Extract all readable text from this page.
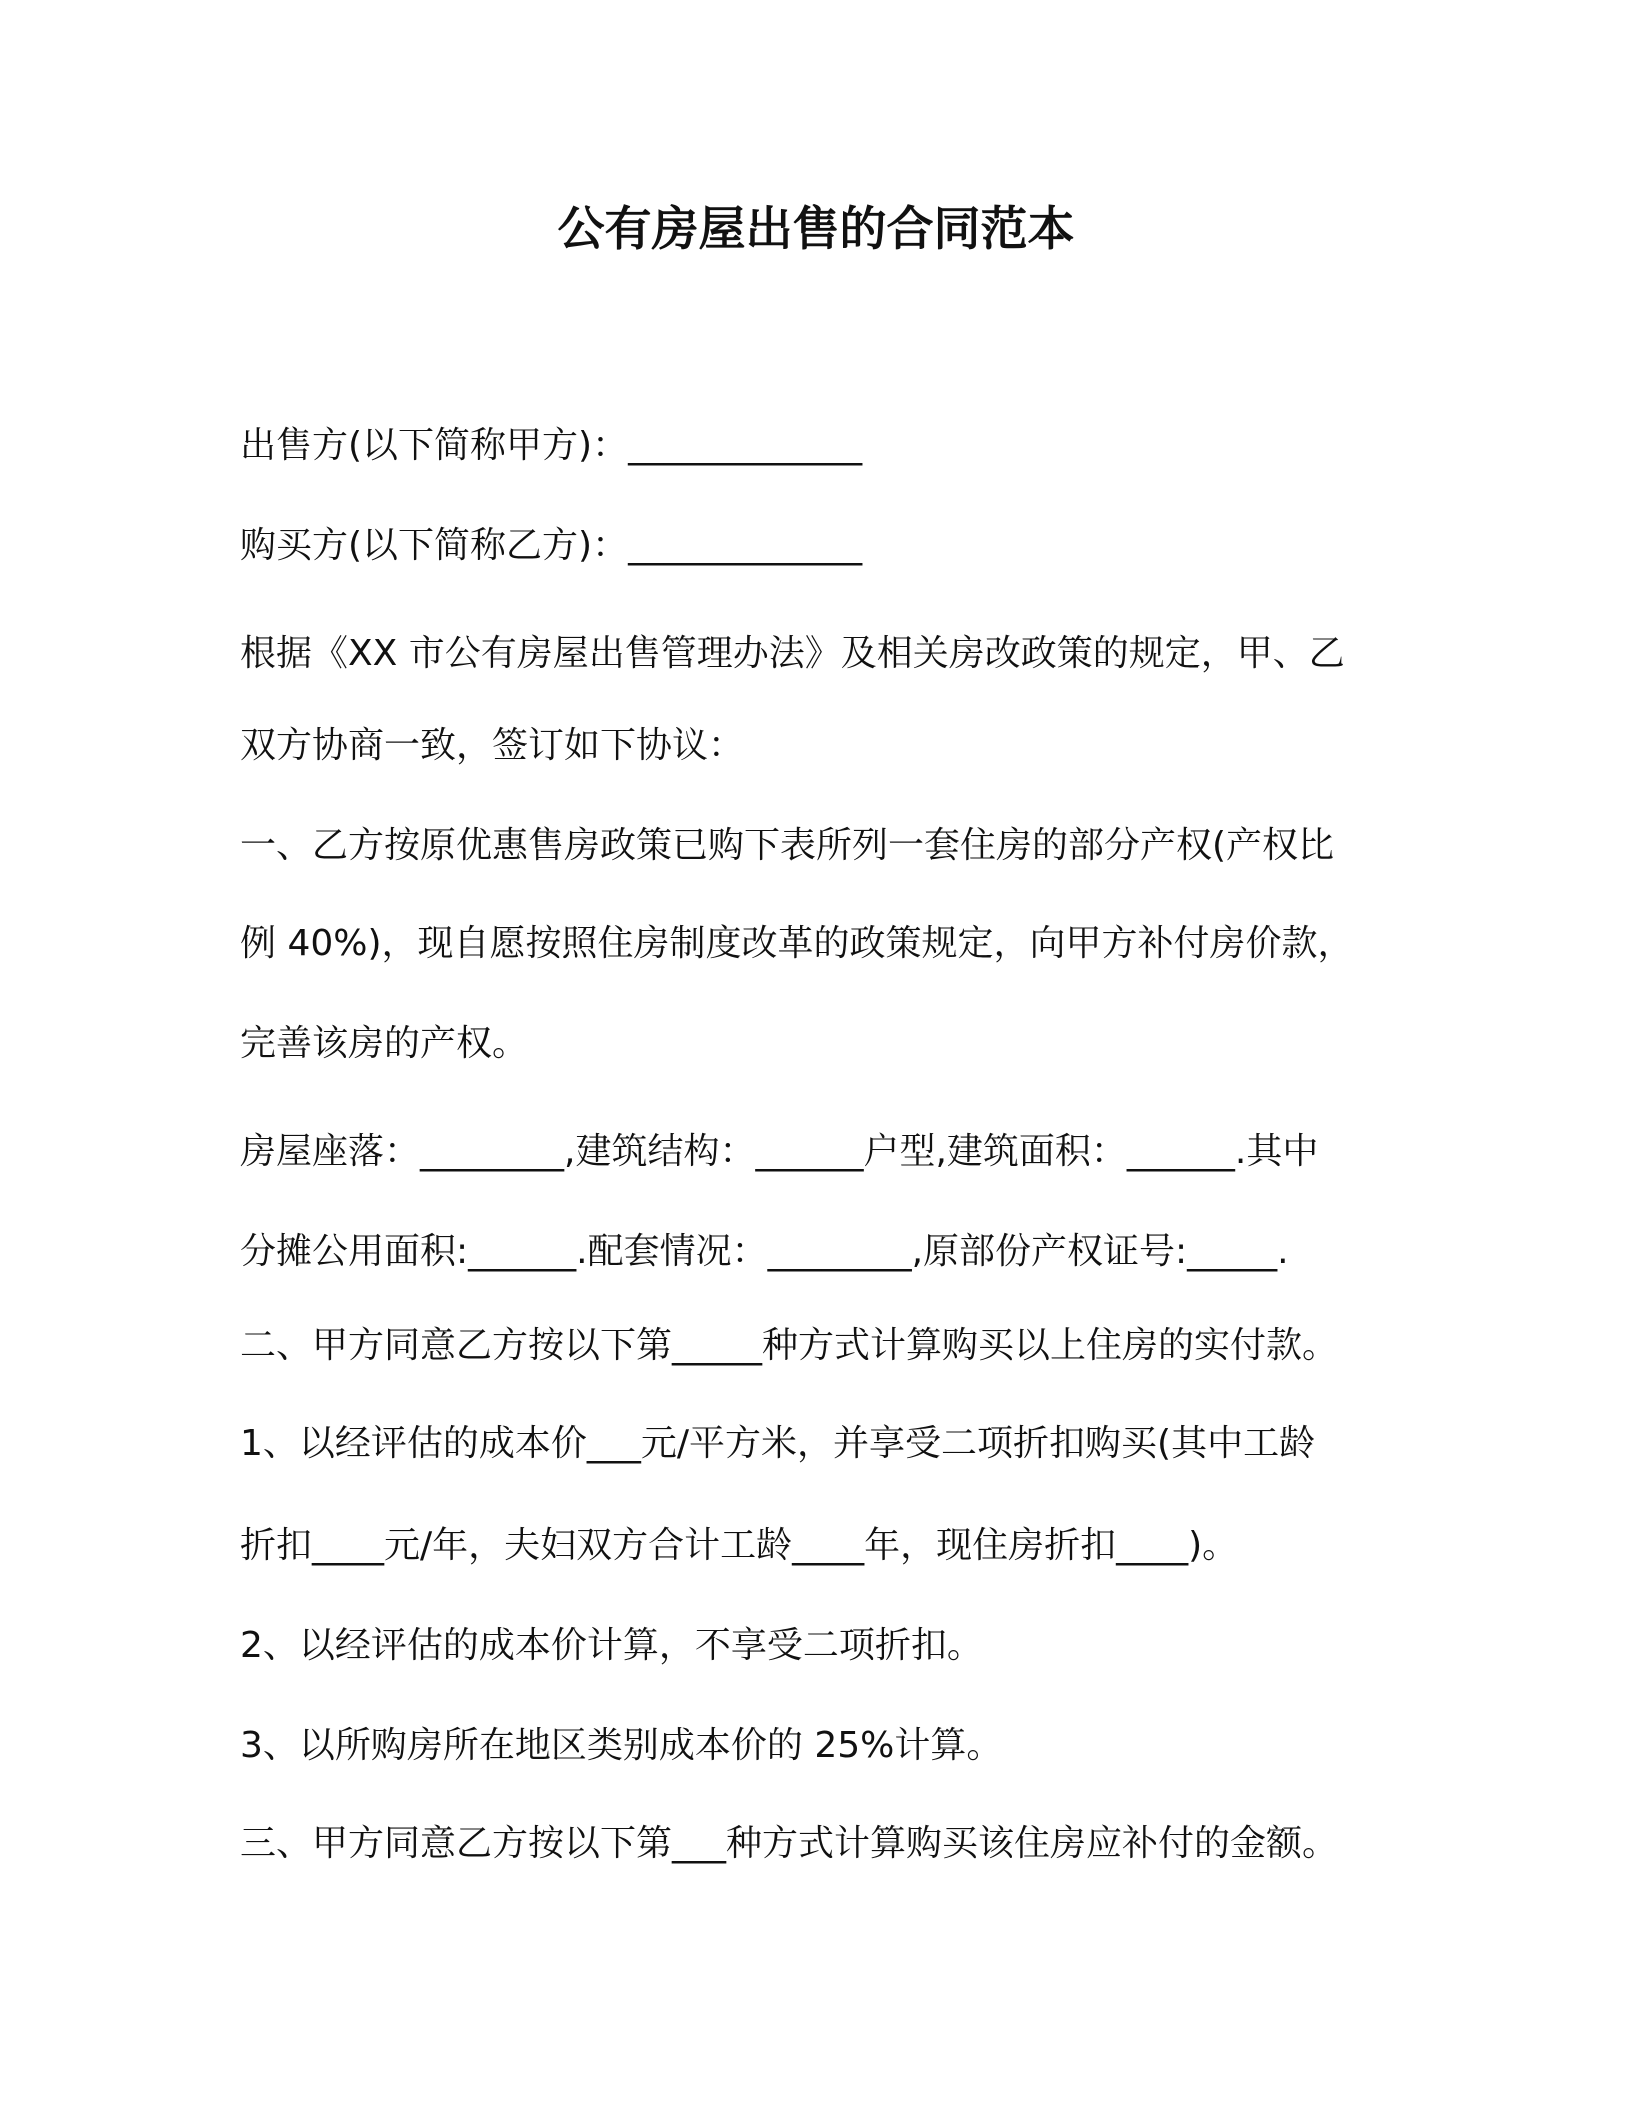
公有房屋出售的合同范本
出售方(以下简称甲方)：_____________
购买方(以下简称乙方)：_____________
根据《XX 市公有房屋出售管理办法》及相关房改政策的规定，甲、乙
双方协商一致，签订如下协议：
一、乙方按原优惠售房政策已购下表所列一套住房的部分产权(产权比
例 40%)，现自愿按照住房制度改革的政策规定，向甲方补付房价款，
完善该房的产权。
房屋座落：________,建筑结构：______户型,建筑面积：______.其中
分摊公用面积:______.配套情况：________,原部份产权证号:_____.
二、甲方同意乙方按以下第_____种方式计算购买以上住房的实付款。
1、以经评估的成本价___元/平方米，并享受二项折扣购买(其中工龄
折扣____元/年，夫妇双方合计工龄____年，现住房折扣____)。
2、以经评估的成本价计算，不享受二项折扣。
3、以所购房所在地区类别成本价的 25%计算。
三、甲方同意乙方按以下第___种方式计算购买该住房应补付的金额。
